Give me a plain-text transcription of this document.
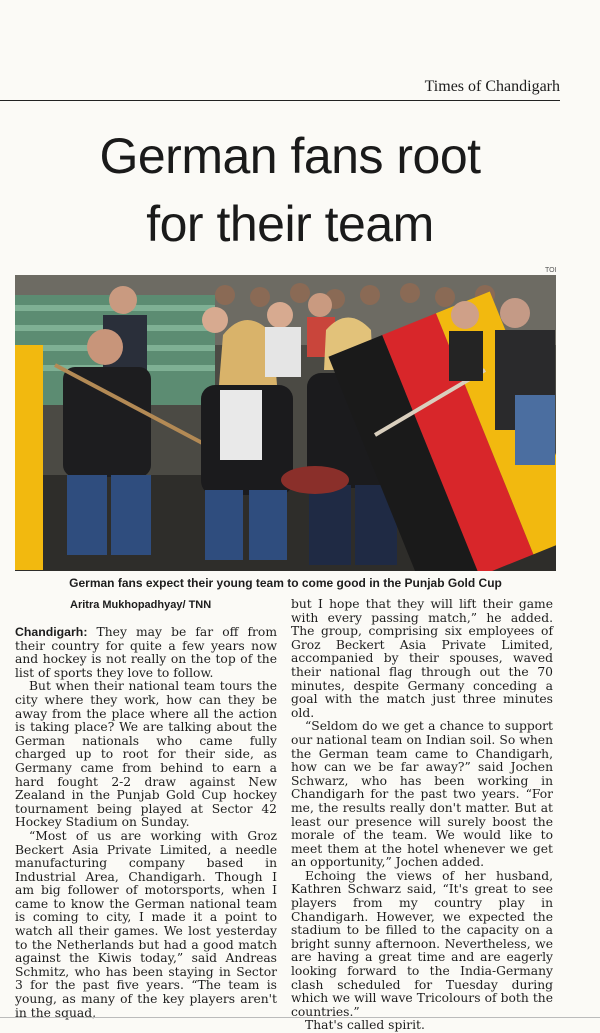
Times of Chandigarh
German fans root
for their team
TOI
German fans expect their young team to come good in the Punjab Gold Cup
Aritra Mukhopadhyay/ TNN

Chandigarh: They may be far off from their country for quite a few years now and hockey is not really on the top of the list of sports they love to follow.

But when their national team tours the city where they work, how can they be away from the place where all the action is taking place? We are talking about the German nationals who came fully charged up to root for their side, as Germany came from behind to earn a hard fought 2-2 draw against New Zealand in the Punjab Gold Cup hockey tournament being played at Sector 42 Hockey Stadium on Sunday.

“Most of us are working with Groz Beckert Asia Private Limited, a needle manufacturing company based in Industrial Area, Chandigarh. Though I am big follower of motorsports, when I came to know the German national team is coming to city, I made it a point to watch all their games. We lost yesterday to the Netherlands but had a good match against the Kiwis today,” said Andreas Schmitz, who has been staying in Sector 3 for the past five years. “The team is young, as many of the key players aren't in the squad,

but I hope that they will lift their game with every passing match,” he added. The group, comprising six employees of Groz Beckert Asia Private Limited, accompanied by their spouses, waved their national flag through out the 70 minutes, despite Germany conceding a goal with the match just three minutes old.

“Seldom do we get a chance to support our national team on Indian soil. So when the German team came to Chandigarh, how can we be far away?” said Jochen Schwarz, who has been working in Chandigarh for the past two years. “For me, the results really don't matter. But at least our presence will surely boost the morale of the team. We would like to meet them at the hotel whenever we get an opportunity,” Jochen added.

Echoing the views of her husband, Kathren Schwarz said, “It's great to see players from my country play in Chandigarh. However, we expected the stadium to be filled to the capacity on a bright sunny afternoon. Nevertheless, we are having a great time and are eagerly looking forward to the India-Germany clash scheduled for Tuesday during which we will wave Tricolours of both the countries.”

That's called spirit.
